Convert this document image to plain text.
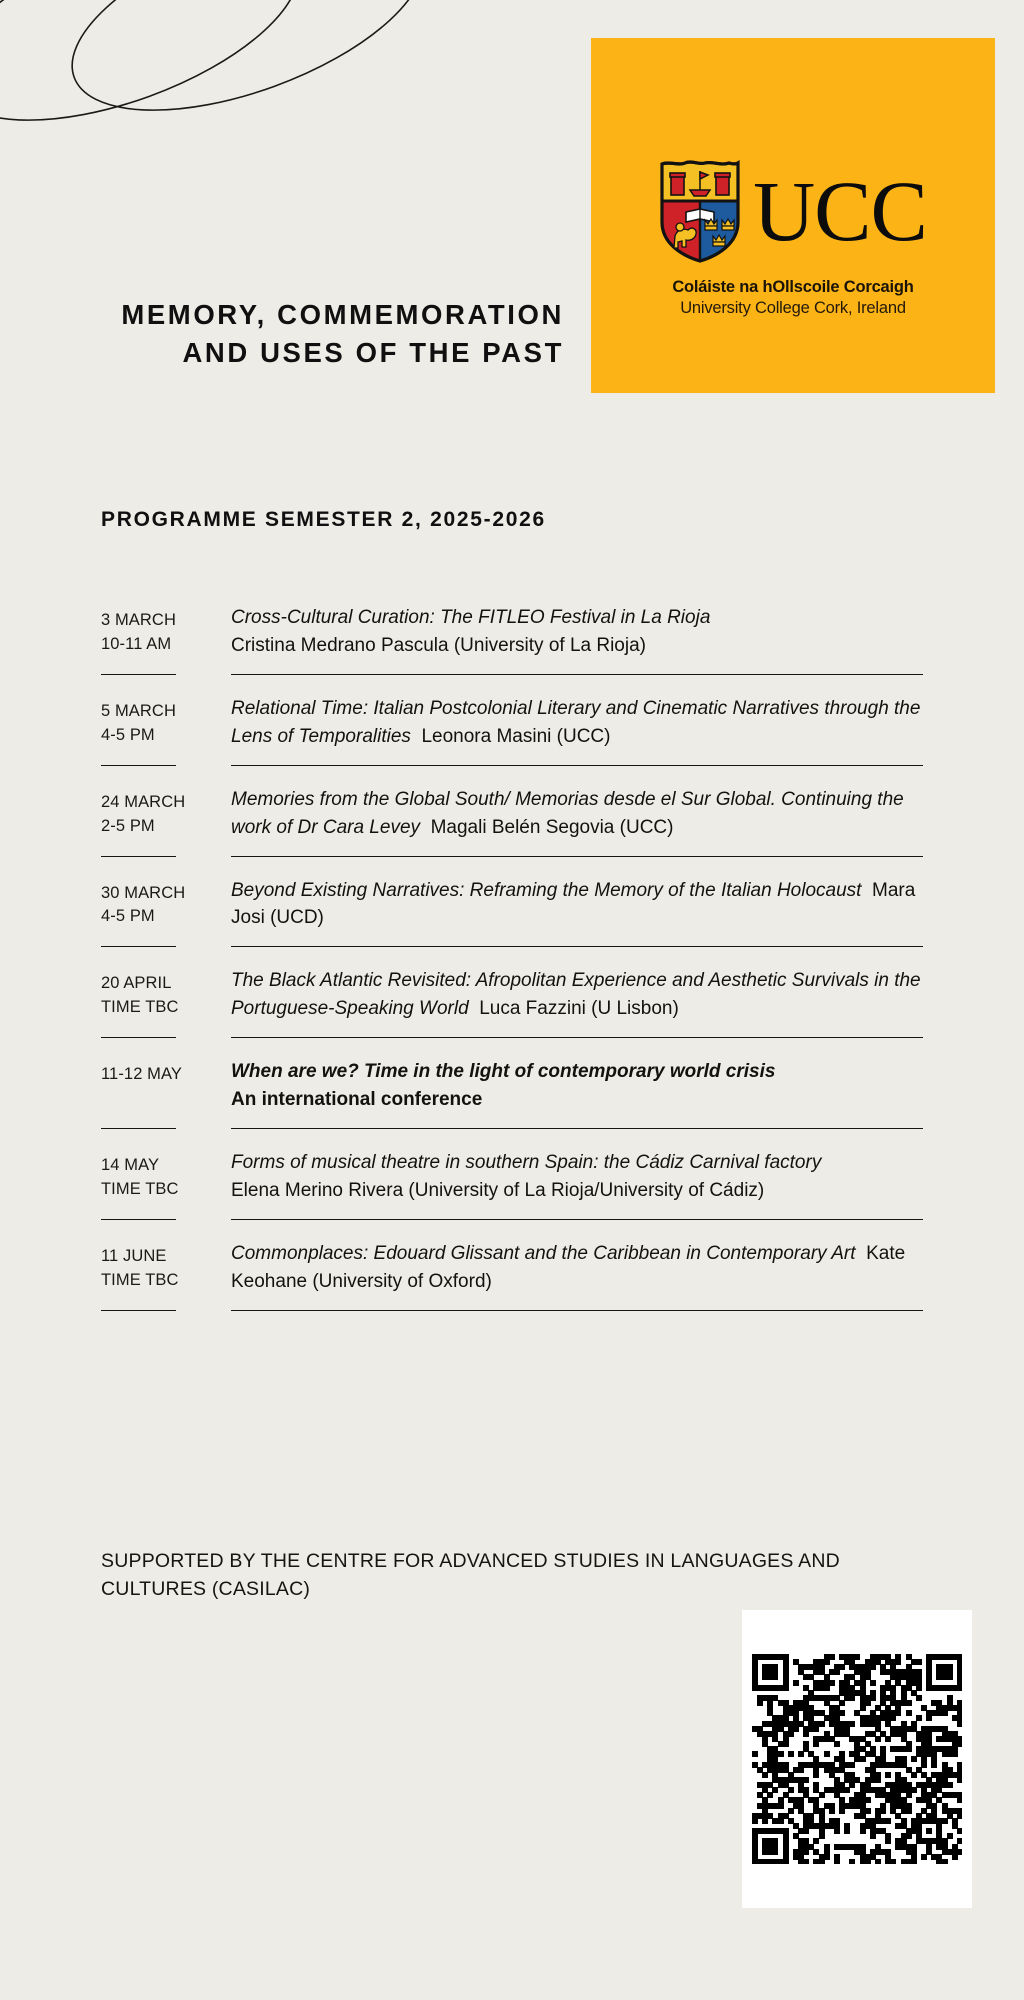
UCC
Coláiste na hOllscoile Corcaigh
University College Cork, Ireland
MEMORY, COMMEMORATION
AND USES OF THE PAST
PROGRAMME SEMESTER 2, 2025-2026
3 MARCH
10-11 AM
Cross-Cultural Curation: The FITLEO Festival in La Rioja
Cristina Medrano Pascula (University of La Rioja)
5 MARCH
4-5 PM
Relational Time: Italian Postcolonial Literary and Cinematic Narratives through the Lens of Temporalities Leonora Masini (UCC)
24 MARCH
2-5 PM
Memories from the Global South/ Memorias desde el Sur Global. Continuing the work of Dr Cara Levey Magali Belén Segovia (UCC)
30 MARCH
4-5 PM
Beyond Existing Narratives: Reframing the Memory of the Italian Holocaust Mara Josi (UCD)
20 APRIL
TIME TBC
The Black Atlantic Revisited: Afropolitan Experience and Aesthetic Survivals in the Portuguese-Speaking World Luca Fazzini (U Lisbon)
11-12 MAY	When are we? Time in the light of contemporary world crisis
An international conference
14 MAY
TIME TBC
Forms of musical theatre in southern Spain: the Cádiz Carnival factory
Elena Merino Rivera (University of La Rioja/University of Cádiz)
11 JUNE
TIME TBC
Commonplaces: Edouard Glissant and the Caribbean in Contemporary Art Kate Keohane (University of Oxford)
SUPPORTED BY THE CENTRE FOR ADVANCED STUDIES IN LANGUAGES AND CULTURES (CASILAC)
